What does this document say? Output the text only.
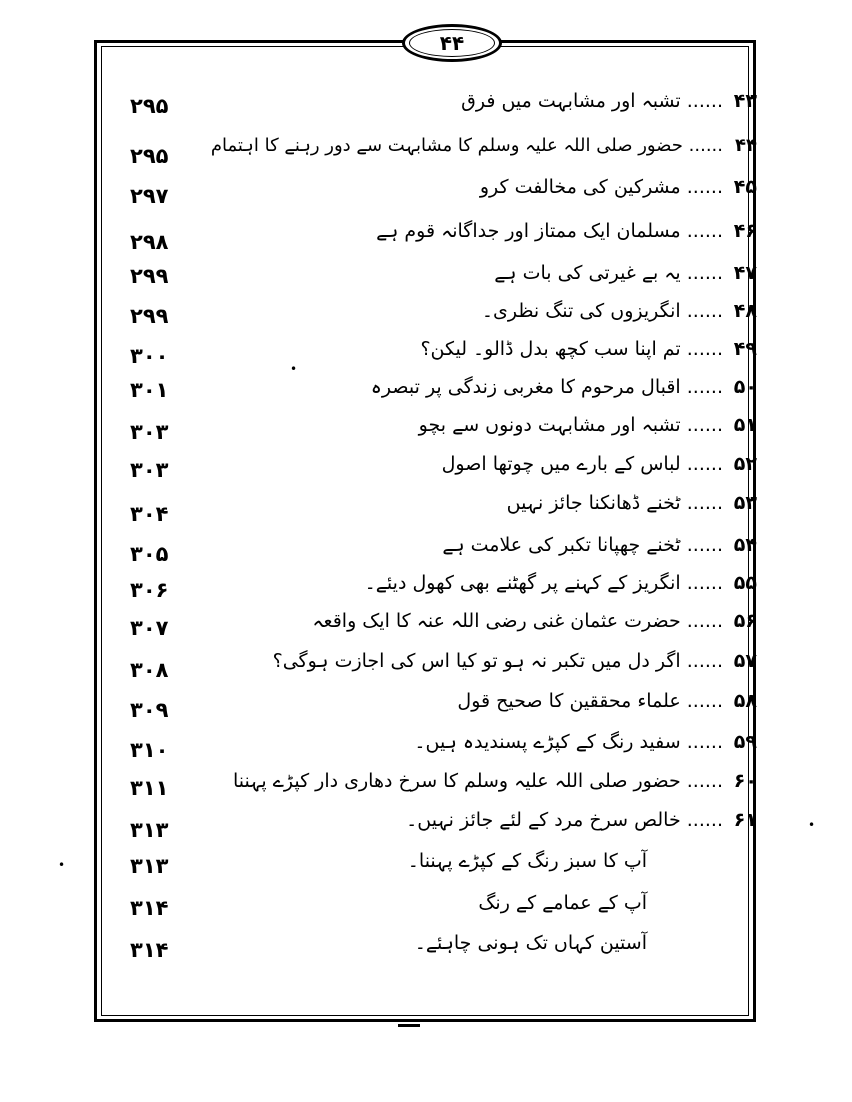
۴۴
۴۳...... تشبہ اور مشابہت میں فرق
۲۹۵
۴۴...... حضور صلی اللہ علیہ وسلم کا مشابہت سے دور رہنے کا اہتمام
۲۹۵
۴۵...... مشرکین کی مخالفت کرو
۲۹۷
۴۶...... مسلمان ایک ممتاز اور جداگانہ قوم ہے
۲۹۸
۴۷...... یہ بے غیرتی کی بات ہے
۲۹۹
۴۸...... انگریزوں کی تنگ نظری۔
۲۹۹
۴۹...... تم اپنا سب کچھ بدل ڈالو۔ لیکن؟
۳۰۰
۵۰...... اقبال مرحوم کا مغربی زندگی پر تبصرہ
۳۰۱
۵۱...... تشبہ اور مشابہت دونوں سے بچو
۳۰۳
۵۲...... لباس کے بارے میں چوتھا اصول
۳۰۳
۵۳...... ٹخنے ڈھانکنا جائز نہیں
۳۰۴
۵۴...... ٹخنے چھپانا تکبر کی علامت ہے
۳۰۵
۵۵...... انگریز کے کہنے پر گھٹنے بھی کھول دیئے۔
۳۰۶
۵۶...... حضرت عثمان غنی رضی اللہ عنہ کا ایک واقعہ
۳۰۷
۵۷...... اگر دل میں تکبر نہ ہو تو کیا اس کی اجازت ہوگی؟
۳۰۸
۵۸...... علماء محققین کا صحیح قول
۳۰۹
۵۹...... سفید رنگ کے کپڑے پسندیدہ ہیں۔
۳۱۰
۶۰...... حضور صلی اللہ علیہ وسلم کا سرخ دھاری دار کپڑے پہننا
۳۱۱
۶۱...... خالص سرخ مرد کے لئے جائز نہیں۔
۳۱۳
آپ کا سبز رنگ کے کپڑے پہننا۔
۳۱۳
آپ کے عمامے کے رنگ
۳۱۴
آستین کہاں تک ہونی چاہئے۔
۳۱۴
•
•
•
